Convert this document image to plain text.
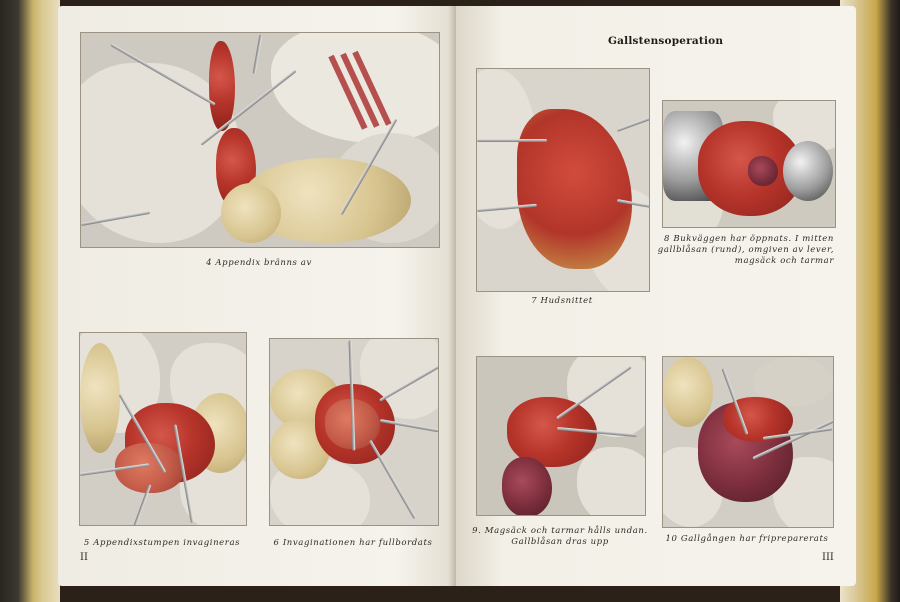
4 Appendix bränns av
5 Appendixstumpen invagineras	6 Invaginationen har fullbordats
II
Gallstensoperation
7 Hudsnittet
8 Bukväggen har öppnats. I mitten
gallblåsan (rund), omgiven av lever,
magsäck och tarmar
9. Magsäck och tarmar hålls undan.
Gallblåsan dras upp	10 Gallgången har fripreparerats
III
